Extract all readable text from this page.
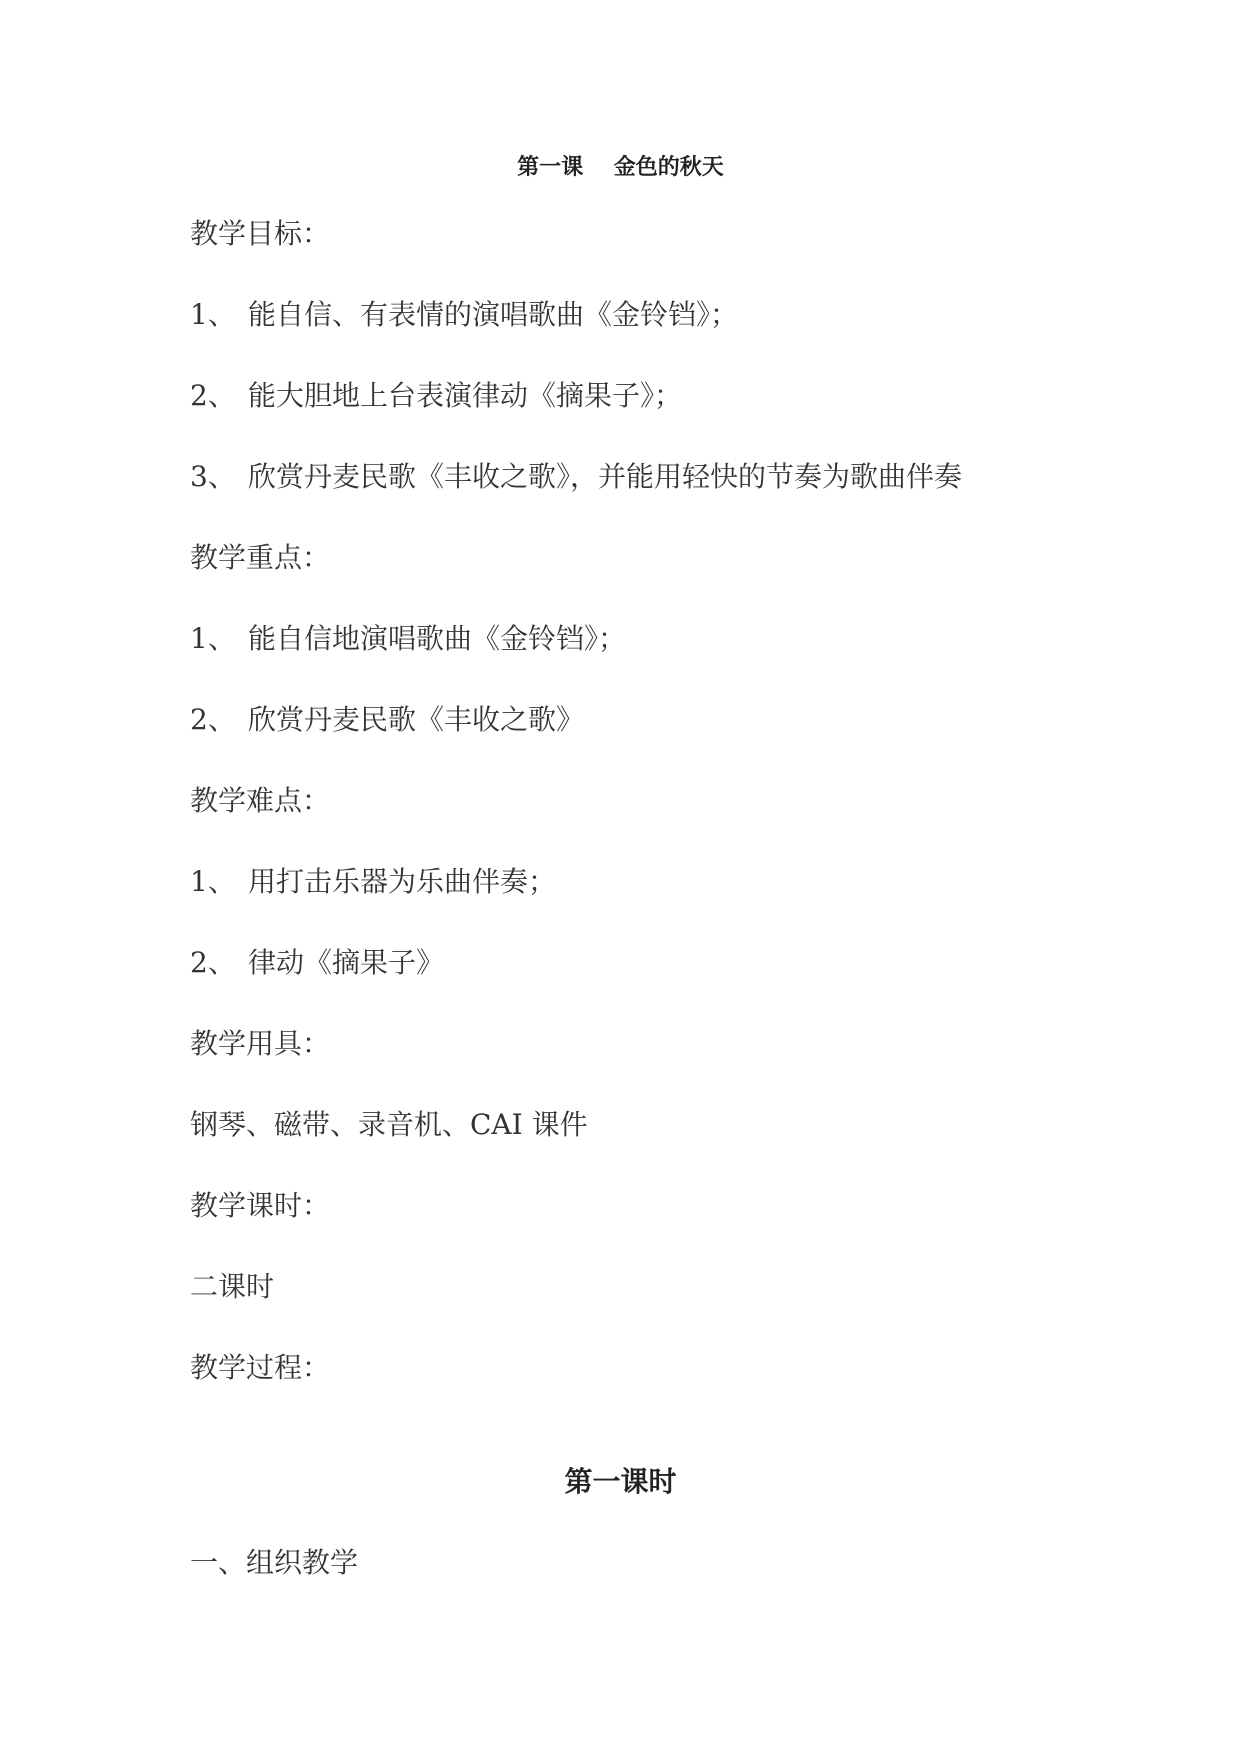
第一课    金色的秋天
教学目标：
1、 能自信、有表情的演唱歌曲《金铃铛》；
2、 能大胆地上台表演律动《摘果子》；
3、 欣赏丹麦民歌《丰收之歌》，并能用轻快的节奏为歌曲伴奏
教学重点：
1、 能自信地演唱歌曲《金铃铛》；
2、 欣赏丹麦民歌《丰收之歌》
教学难点：
1、 用打击乐器为乐曲伴奏；
2、 律动《摘果子》
教学用具：
钢琴、磁带、录音机、CAI 课件
教学课时：
二课时
教学过程：
第一课时
一、组织教学
